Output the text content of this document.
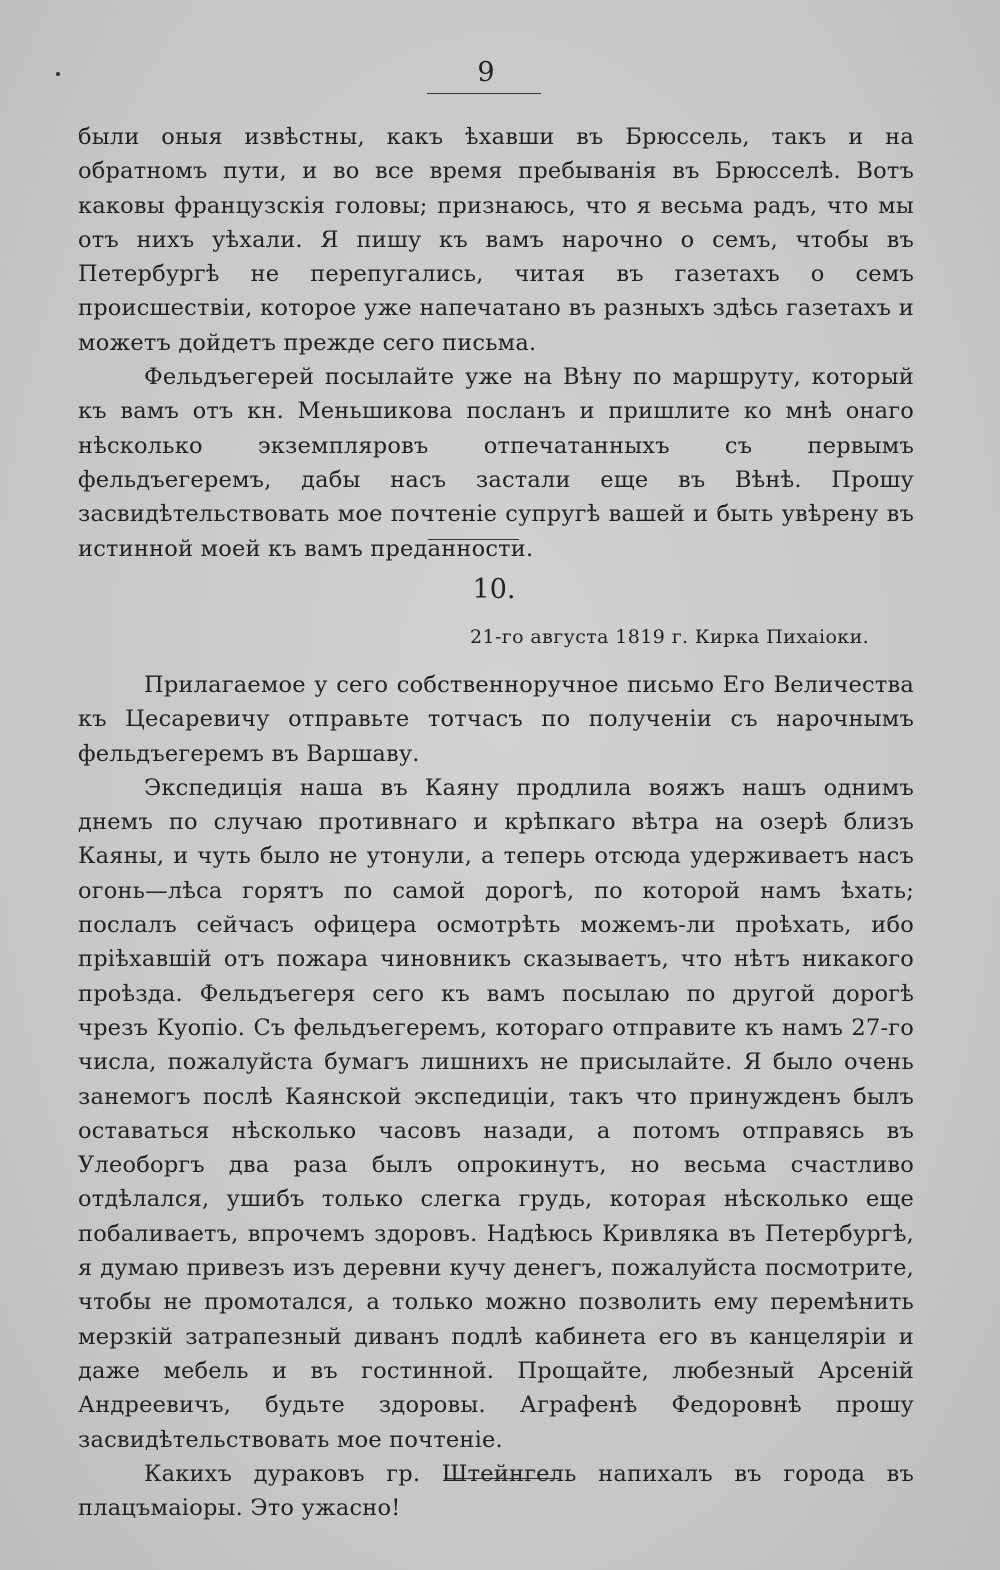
9

были оныя извѣстны, какъ ѣхавши въ Брюссель, такъ и на обратномъ пути, и во все время пребыванія въ Брюсселѣ. Вотъ каковы французскія головы; признаюсь, что я весьма радъ, что мы отъ нихъ уѣхали. Я пишу къ вамъ нарочно о семъ, чтобы въ Петербургѣ не перепугались, читая въ газетахъ о семъ происшествіи, которое уже напечатано въ разныхъ здѣсь газетахъ и можетъ дойдетъ прежде сего письма.

Фельдъегерей посылайте уже на Вѣну по маршруту, который къ вамъ отъ кн. Меньшикова посланъ и пришлите ко мнѣ онаго нѣсколько экземпляровъ отпечатанныхъ съ первымъ фельдъегеремъ, дабы насъ застали еще въ Вѣнѣ. Прошу засвидѣтельствовать мое почтеніе супругѣ вашей и быть увѣрену въ истинной моей къ вамъ преданности.

10.
21-го августа 1819 г. Кирка Пихаіоки.

Прилагаемое у сего собственноручное письмо Его Величества къ Цесаревичу отправьте тотчасъ по полученіи съ нарочнымъ фельдъегеремъ въ Варшаву.

Экспедиція наша въ Каяну продлила вояжъ нашъ однимъ днемъ по случаю противнаго и крѣпкаго вѣтра на озерѣ близъ Каяны, и чуть было не утонули, а теперь отсюда удерживаетъ насъ огонь—лѣса горятъ по самой дорогѣ, по которой намъ ѣхать; послалъ сейчасъ офицера осмотрѣть можемъ-ли проѣхать, ибо пріѣхавшій отъ пожара чиновникъ сказываетъ, что нѣтъ никакого проѣзда. Фельдъегеря сего къ вамъ посылаю по другой дорогѣ чрезъ Куопіо. Съ фельдъегеремъ, котораго отправите къ намъ 27-го числа, пожалуйста бумагъ лишнихъ не присылайте. Я было очень занемогъ послѣ Каянской экспедиціи, такъ что принужденъ былъ оставаться нѣсколько часовъ назади, а потомъ отправясь въ Улеоборгъ два раза былъ опрокинутъ, но весьма счастливо отдѣлался, ушибъ только слегка грудь, которая нѣсколько еще побаливаетъ, впрочемъ здоровъ. Надѣюсь Кривляка въ Петербургѣ, я думаю привезъ изъ деревни кучу денегъ, пожалуйста посмотрите, чтобы не промотался, а только можно позволить ему перемѣнить мерзкій затрапезный диванъ подлѣ кабинета его въ канцеляріи и даже мебель и въ гостинной. Прощайте, любезный Арсеній Андреевичъ, будьте здоровы. Аграфенѣ Федоровнѣ прошу засвидѣтельствовать мое почтеніе.

Какихъ дураковъ гр. Штейнгель напихалъ въ города въ плацъмаіоры. Это ужасно!
